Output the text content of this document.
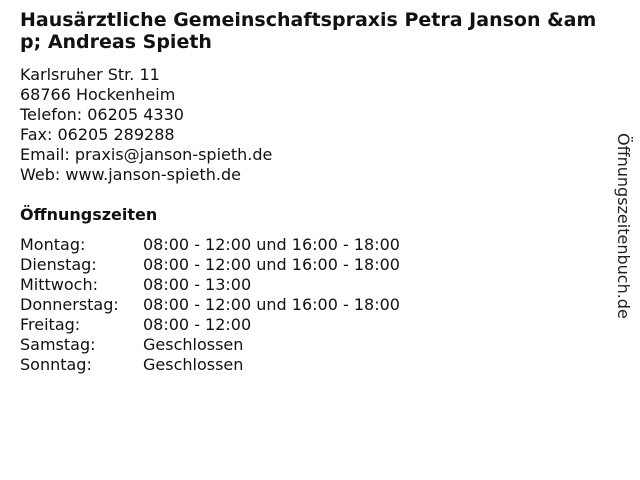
Hausärztliche Gemeinschaftspraxis Petra Janson &amp; Andreas Spieth
Karlsruher Str. 11
68766 Hockenheim
Telefon: 06205 4330
Fax: 06205 289288
Email: praxis@janson-spieth.de
Web: www.janson-spieth.de
Öffnungszeiten
Montag:	08:00 - 12:00 und 16:00 - 18:00
Dienstag:	08:00 - 12:00 und 16:00 - 18:00
Mittwoch:	08:00 - 13:00
Donnerstag: 08:00 - 12:00 und 16:00 - 18:00
Freitag:	08:00 - 12:00
Samstag:	Geschlossen
Sonntag:	Geschlossen
Öffnungszeitenbuch.de
